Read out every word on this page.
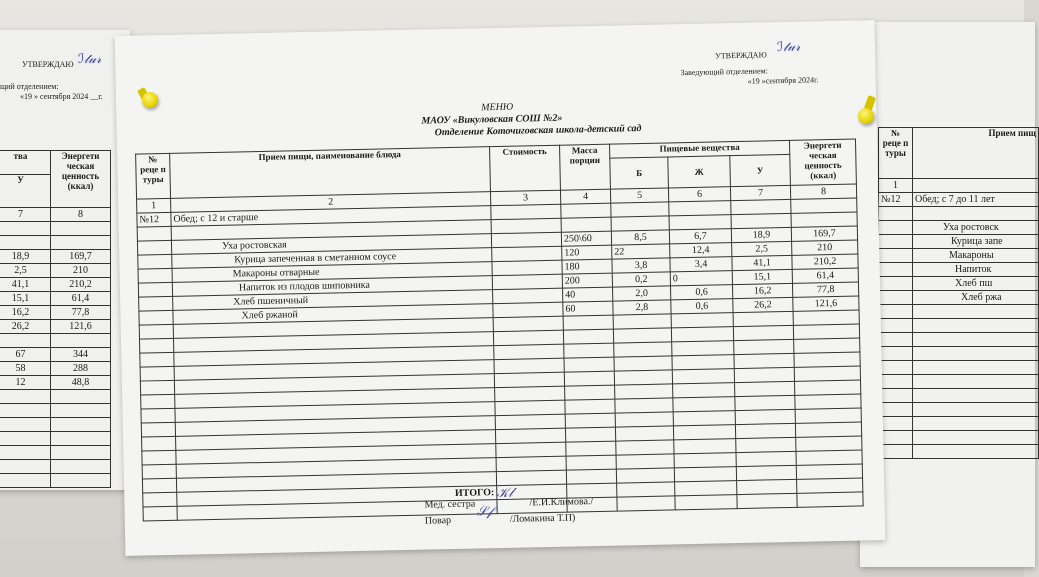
УТВЕРЖДАЮ ℐ𝓉𝓊𝓇
щий отделением:
«19 » сентября 2024 __г.
тва	Энергети ческая ценность (ккал)
У	
7	8

18,9	169,7
2,5	210
41,1	210,2
15,1	61,4
16,2	77,8
26,2	121,6

67	344
58	288
12	48,8

№ реце п туры	Прием пищ
1	
№12	Обед; с 7 до 11 лет

	Уха ростовск
	Курица запе
	Макароны
	Напиток
	Хлеб пш
	Хлеб ржа

УТВЕРЖДАЮ
ℐ𝓉𝓊𝓇
Заведующий отделением:
«19 »сентября 2024г.
МЕНЮ
МАОУ «Викуловская СОШ №2»
Отделение Коточиговская школа-детский сад
№ реце п туры	Прием пищи, паименование блюда	Стоимость	Масса порции	Пищевые вещества			Энергети ческая ценность (ккал)
				Б	Ж	У	
1	2	3	4	5	6	7	8
№12	Обед; с 12 и старше						

	Уха ростовская		250\60	8,5	6,7	18,9	169,7
	Курица запеченная в сметанном соусе		120	22	12,4	2,5	210
	Макароны отварные		180	3,8	3,4	41,1	210,2
	Напиток из плодов шиповника		200	0,2	0	15,1	61,4
	Хлеб пшеничный		40	2,0	0,6	16,2	77,8
	Хлеб ржаной		60	2,8	0,6	26,2	121,6

	ИТОГО:						

Мед. сестра
𝒦𝓁
/Е.И.Климова./
Повар
𝒮𝒻 /Ломакина Т.П)
